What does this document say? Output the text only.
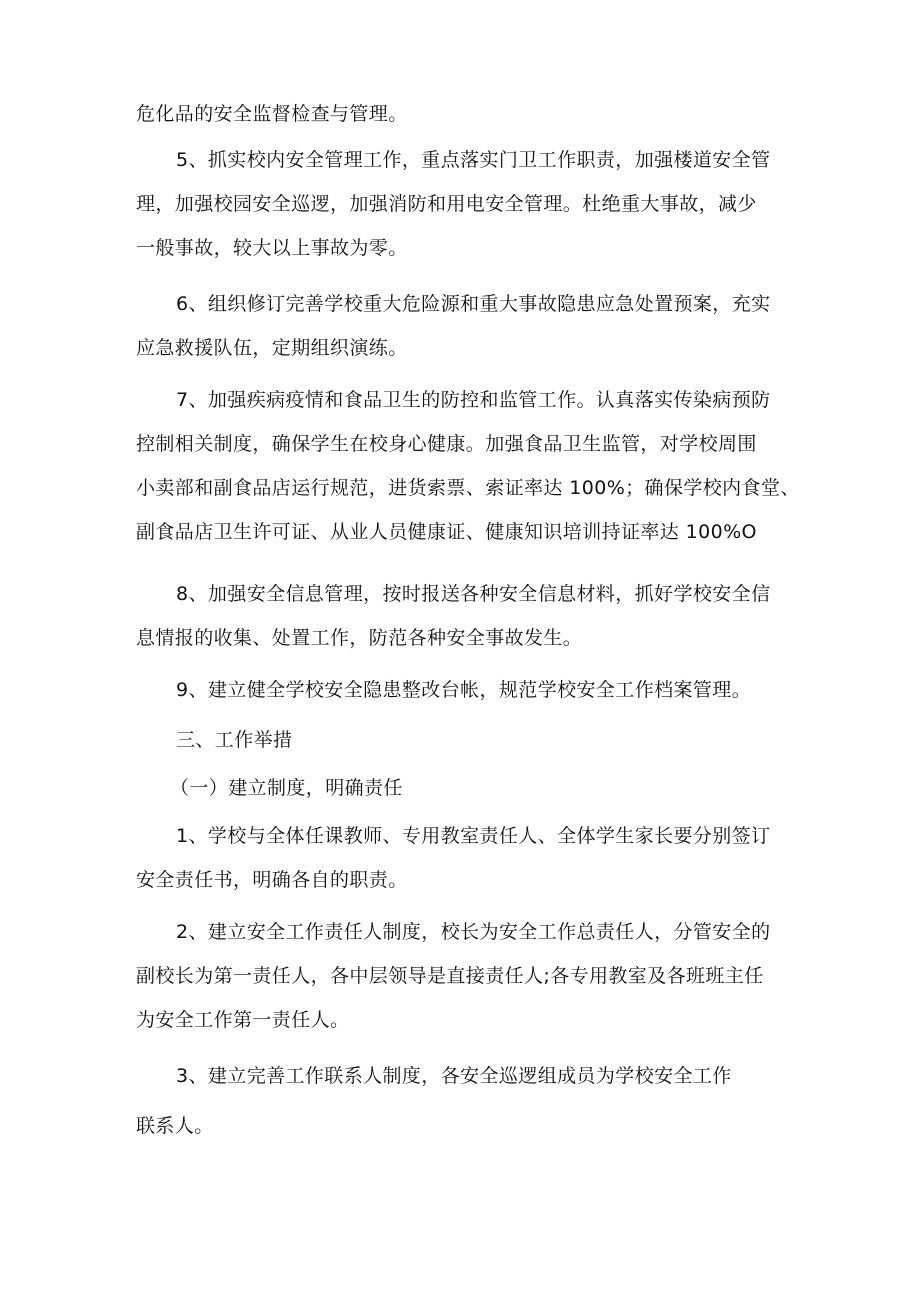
危化品的安全监督检查与管理。

5、抓实校内安全管理工作，重点落实门卫工作职责，加强楼道安全管
理，加强校园安全巡逻，加强消防和用电安全管理。杜绝重大事故，减少
一般事故，较大以上事故为零。

6、组织修订完善学校重大危险源和重大事故隐患应急处置预案，充实
应急救援队伍，定期组织演练。

7、加强疾病疫情和食品卫生的防控和监管工作。认真落实传染病预防
控制相关制度，确保学生在校身心健康。加强食品卫生监管，对学校周围
小卖部和副食品店运行规范，进货索票、索证率达 100%；确保学校内食堂、
副食品店卫生许可证、从业人员健康证、健康知识培训持证率达 100%O

8、加强安全信息管理，按时报送各种安全信息材料，抓好学校安全信
息情报的收集、处置工作，防范各种安全事故发生。

9、建立健全学校安全隐患整改台帐，规范学校安全工作档案管理。

三、工作举措

（一）建立制度，明确责任

1、学校与全体任课教师、专用教室责任人、全体学生家长要分别签订
安全责任书，明确各自的职责。

2、建立安全工作责任人制度，校长为安全工作总责任人，分管安全的
副校长为第一责任人，各中层领导是直接责任人;各专用教室及各班班主任
为安全工作第一责任人。

3、建立完善工作联系人制度，各安全巡逻组成员为学校安全工作
联系人。
